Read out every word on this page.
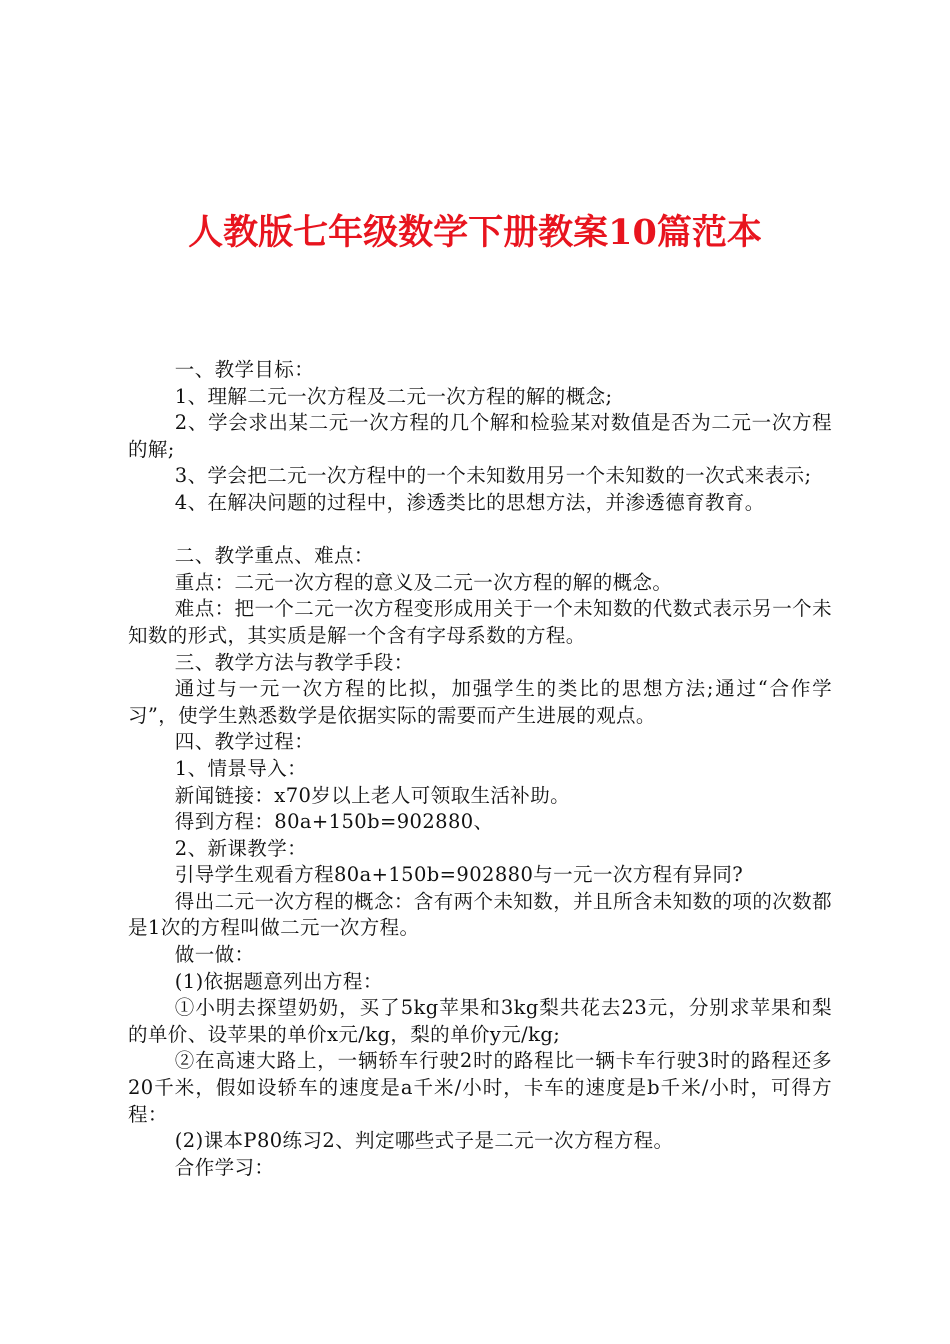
人教版七年级数学下册教案10篇范本

一、教学目标：

1、理解二元一次方程及二元一次方程的解的概念;

2、学会求出某二元一次方程的几个解和检验某对数值是否为二元一次方程的解;

3、学会把二元一次方程中的一个未知数用另一个未知数的一次式来表示;

4、在解决问题的过程中，渗透类比的思想方法，并渗透德育教育。

二、教学重点、难点：

重点：二元一次方程的意义及二元一次方程的解的概念。

难点：把一个二元一次方程变形成用关于一个未知数的代数式表示另一个未知数的形式，其实质是解一个含有字母系数的方程。

三、教学方法与教学手段：

通过与一元一次方程的比拟，加强学生的类比的思想方法;通过“合作学习”，使学生熟悉数学是依据实际的需要而产生进展的观点。

四、教学过程：

1、情景导入：

新闻链接：x70岁以上老人可领取生活补助。

得到方程：80a+150b=902880、

2、新课教学：

引导学生观看方程80a+150b=902880与一元一次方程有异同?

得出二元一次方程的概念：含有两个未知数，并且所含未知数的项的次数都是1次的方程叫做二元一次方程。

做一做：

(1)依据题意列出方程：

①小明去探望奶奶，买了5kg苹果和3kg梨共花去23元，分别求苹果和梨的单价、设苹果的单价x元/kg，梨的单价y元/kg;

②在高速大路上，一辆轿车行驶2时的路程比一辆卡车行驶3时的路程还多20千米，假如设轿车的速度是a千米/小时，卡车的速度是b千米/小时，可得方程：

(2)课本P80练习2、判定哪些式子是二元一次方程方程。

合作学习：
